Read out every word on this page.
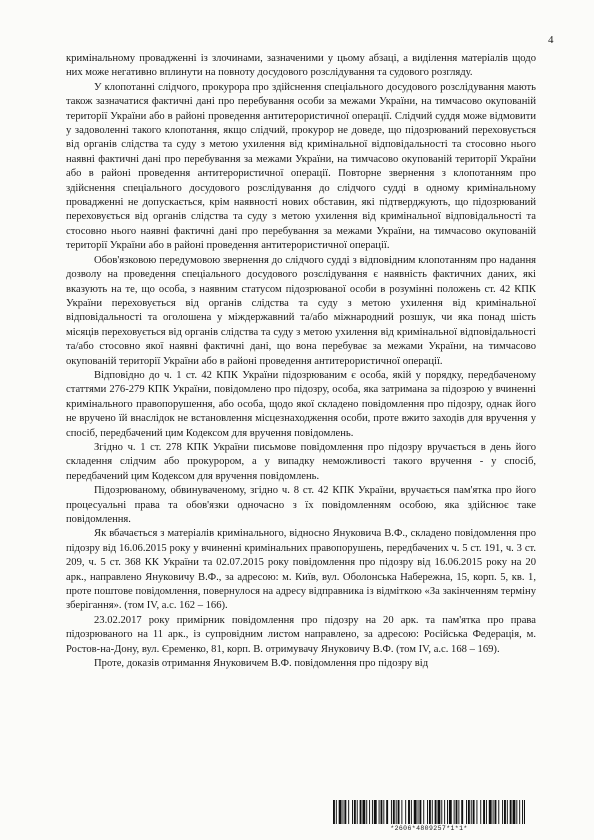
4

кримінальному провадженні із злочинами, зазначеними у цьому абзаці, а виділення матеріалів щодо них може негативно вплинути на повноту досудового розслідування та судового розгляду.

У клопотанні слідчого, прокурора про здійснення спеціального досудового розслідування мають також зазначатися фактичні дані про перебування особи за межами України, на тимчасово окупованій території України або в районі проведення антитерористичної операції. Слідчий суддя може відмовити у задоволенні такого клопотання, якщо слідчий, прокурор не доведе, що підозрюваний переховується від органів слідства та суду з метою ухилення від кримінальної відповідальності та стосовно нього наявні фактичні дані про перебування за межами України, на тимчасово окупованій території України або в районі проведення антитерористичної операції. Повторне звернення з клопотанням про здійснення спеціального досудового розслідування до слідчого судді в одному кримінальному провадженні не допускається, крім наявності нових обставин, які підтверджують, що підозрюваний переховується від органів слідства та суду з метою ухилення від кримінальної відповідальності та стосовно нього наявні фактичні дані про перебування за межами України, на тимчасово окупованій території України або в районі проведення антитерористичної операції.

Обов'язковою передумовою звернення до слідчого судді з відповідним клопотанням про надання дозволу на проведення спеціального досудового розслідування є наявність фактичних даних, які вказують на те, що особа, з наявним статусом підозрюваної особи в розумінні положень ст. 42 КПК України переховується від органів слідства та суду з метою ухилення від кримінальної відповідальності та оголошена у міждержавний та/або міжнародний розшук, чи яка понад шість місяців переховується від органів слідства та суду з метою ухилення від кримінальної відповідальності та/або стосовно якої наявні фактичні дані, що вона перебуває за межами України, на тимчасово окупованій території України або в районі проведення антитерористичної операції.

Відповідно до ч. 1 ст. 42 КПК України підозрюваним є особа, якій у порядку, передбаченому статтями 276-279 КПК України, повідомлено про підозру, особа, яка затримана за підозрою у вчиненні кримінального правопорушення, або особа, щодо якої складено повідомлення про підозру, однак його не вручено їй внаслідок не встановлення місцезнаходження особи, проте вжито заходів для вручення у спосіб, передбачений цим Кодексом для вручення повідомлень.

Згідно ч. 1 ст. 278 КПК України письмове повідомлення про підозру вручається в день його складення слідчим або прокурором, а у випадку неможливості такого вручення - у спосіб, передбачений цим Кодексом для вручення повідомлень.

Підозрюваному, обвинуваченому, згідно ч. 8 ст. 42 КПК України, вручається пам'ятка про його процесуальні права та обов'язки одночасно з їх повідомленням особою, яка здійснює таке повідомлення.

Як вбачається з матеріалів кримінального, відносно Януковича В.Ф., складено повідомлення про підозру від 16.06.2015 року у вчиненні кримінальних правопорушень, передбачених ч. 5 ст. 191, ч. 3 ст. 209, ч. 5 ст. 368 КК України та 02.07.2015 року повідомлення про підозру від 16.06.2015 року на 20 арк., направлено Януковичу В.Ф., за адресою: м. Київ, вул. Оболонська Набережна, 15, корп. 5, кв. 1, проте поштове повідомлення, повернулося на адресу відправника із відміткою «За закінченням терміну зберігання». (том IV, а.с. 162 – 166).

23.02.2017 року примірник повідомлення про підозру на 20 арк. та пам'ятка про права підозрюваного на 11 арк., із супровідним листом направлено, за адресою: Російська Федерація, м. Ростов-на-Дону, вул. Єременко, 81, корп. В. отримувачу Януковичу В.Ф. (том IV, а.с. 168 – 169).

Проте, доказів отримання Януковичем В.Ф. повідомлення про підозру від

*2606*4809257*1*1*
